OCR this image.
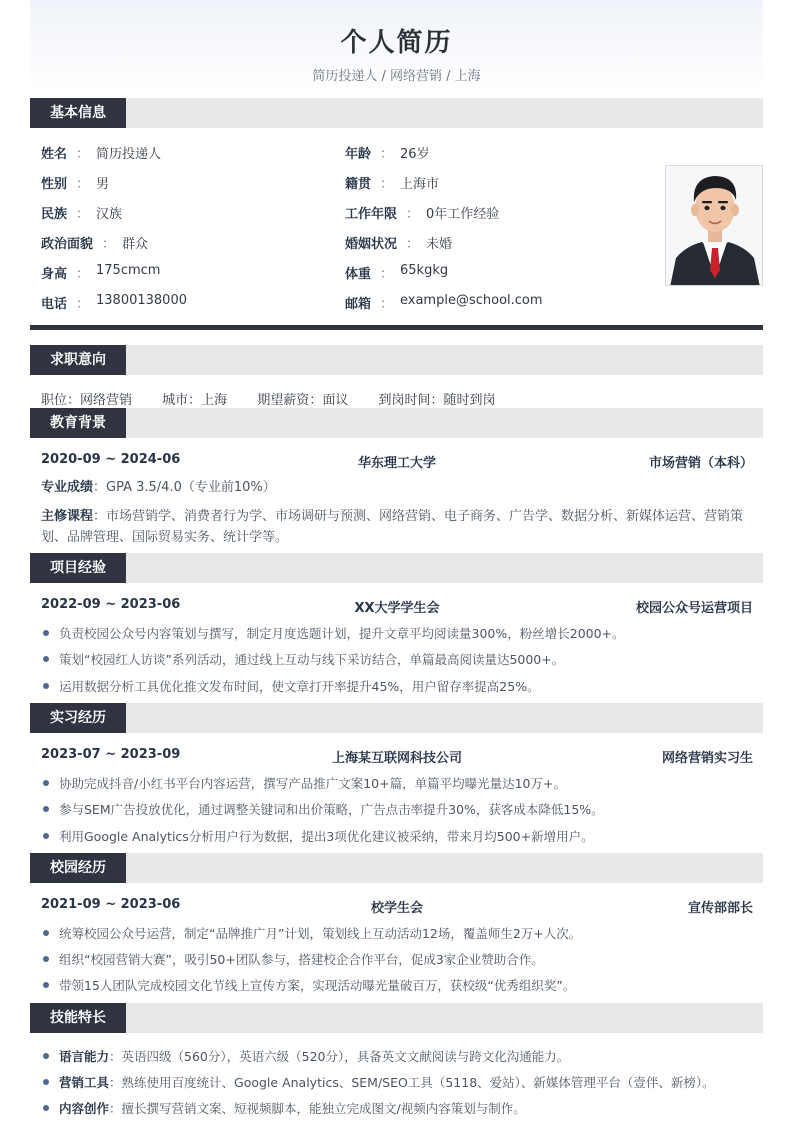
个人简历
简历投递人 / 网络营销 / 上海
基本信息
姓名 ： 简历投递人
性别 ： 男
民族 ： 汉族
政治面貌 ： 群众
身高 ： 175cmcm
电话 ： 13800138000
年龄 ： 26岁
籍贯 ： 上海市
工作年限 ： 0年工作经验
婚姻状况 ： 未婚
体重 ： 65kgkg
邮箱 ： example@school.com
求职意向
职位：网络营销 城市：上海 期望薪资：面议 到岗时间：随时到岗
教育背景
2020-09 ~ 2024-06	华东理工大学	市场营销（本科）
专业成绩：GPA 3.5/4.0（专业前10%）
主修课程：市场营销学、消费者行为学、市场调研与预测、网络营销、电子商务、广告学、数据分析、新媒体运营、营销策
划、品牌管理、国际贸易实务、统计学等。
项目经验
2022-09 ~ 2023-06	XX大学学生会	校园公众号运营项目
负责校园公众号内容策划与撰写，制定月度选题计划，提升文章平均阅读量300%，粉丝增长2000+。
策划“校园红人访谈”系列活动，通过线上互动与线下采访结合，单篇最高阅读量达5000+。
运用数据分析工具优化推文发布时间，使文章打开率提升45%，用户留存率提高25%。
实习经历
2023-07 ~ 2023-09	上海某互联网科技公司	网络营销实习生
协助完成抖音/小红书平台内容运营，撰写产品推广文案10+篇，单篇平均曝光量达10万+。
参与SEM广告投放优化，通过调整关键词和出价策略，广告点击率提升30%，获客成本降低15%。
利用Google Analytics分析用户行为数据，提出3项优化建议被采纳，带来月均500+新增用户。
校园经历
2021-09 ~ 2023-06	校学生会	宣传部部长
统筹校园公众号运营，制定“品牌推广月”计划，策划线上互动活动12场，覆盖师生2万+人次。
组织“校园营销大赛”，吸引50+团队参与，搭建校企合作平台，促成3家企业赞助合作。
带领15人团队完成校园文化节线上宣传方案，实现活动曝光量破百万，获校级“优秀组织奖”。
技能特长
语言能力：英语四级（560分），英语六级（520分），具备英文文献阅读与跨文化沟通能力。
营销工具：熟练使用百度统计、Google Analytics、SEM/SEO工具（5118、爱站）、新媒体管理平台（壹伴、新榜）。
内容创作：擅长撰写营销文案、短视频脚本，能独立完成图文/视频内容策划与制作。
